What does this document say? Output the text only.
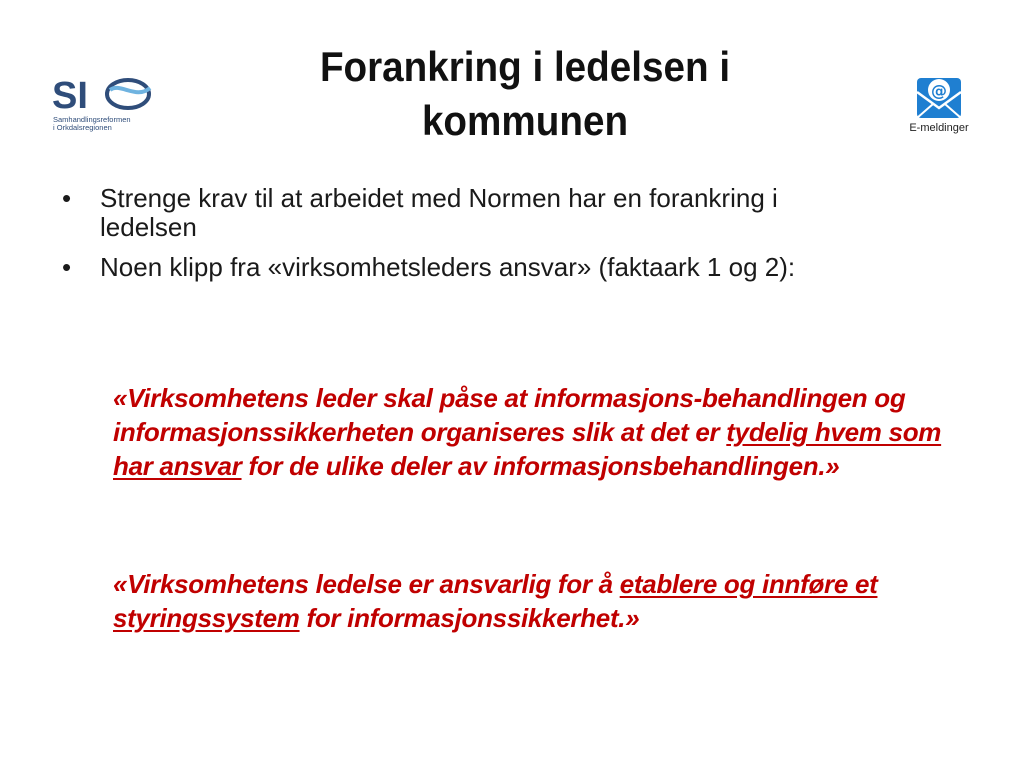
SI
Samhandlingsreformen
i Orkdalsregionen
Forankring i ledelsen i kommunen
@
E-meldinger
• Strenge krav til at arbeidet med Normen har en forankring i ledelsen
• Noen klipp fra «virksomhetsleders ansvar» (faktaark 1 og 2):
«Virksomhetens leder skal påse at informasjons-behandlingen og informasjonssikkerheten organiseres slik at det er tydelig hvem som har ansvar for de ulike deler av informasjonsbehandlingen.»
«Virksomhetens ledelse er ansvarlig for å etablere og innføre et styringssystem for informasjonssikkerhet.»
